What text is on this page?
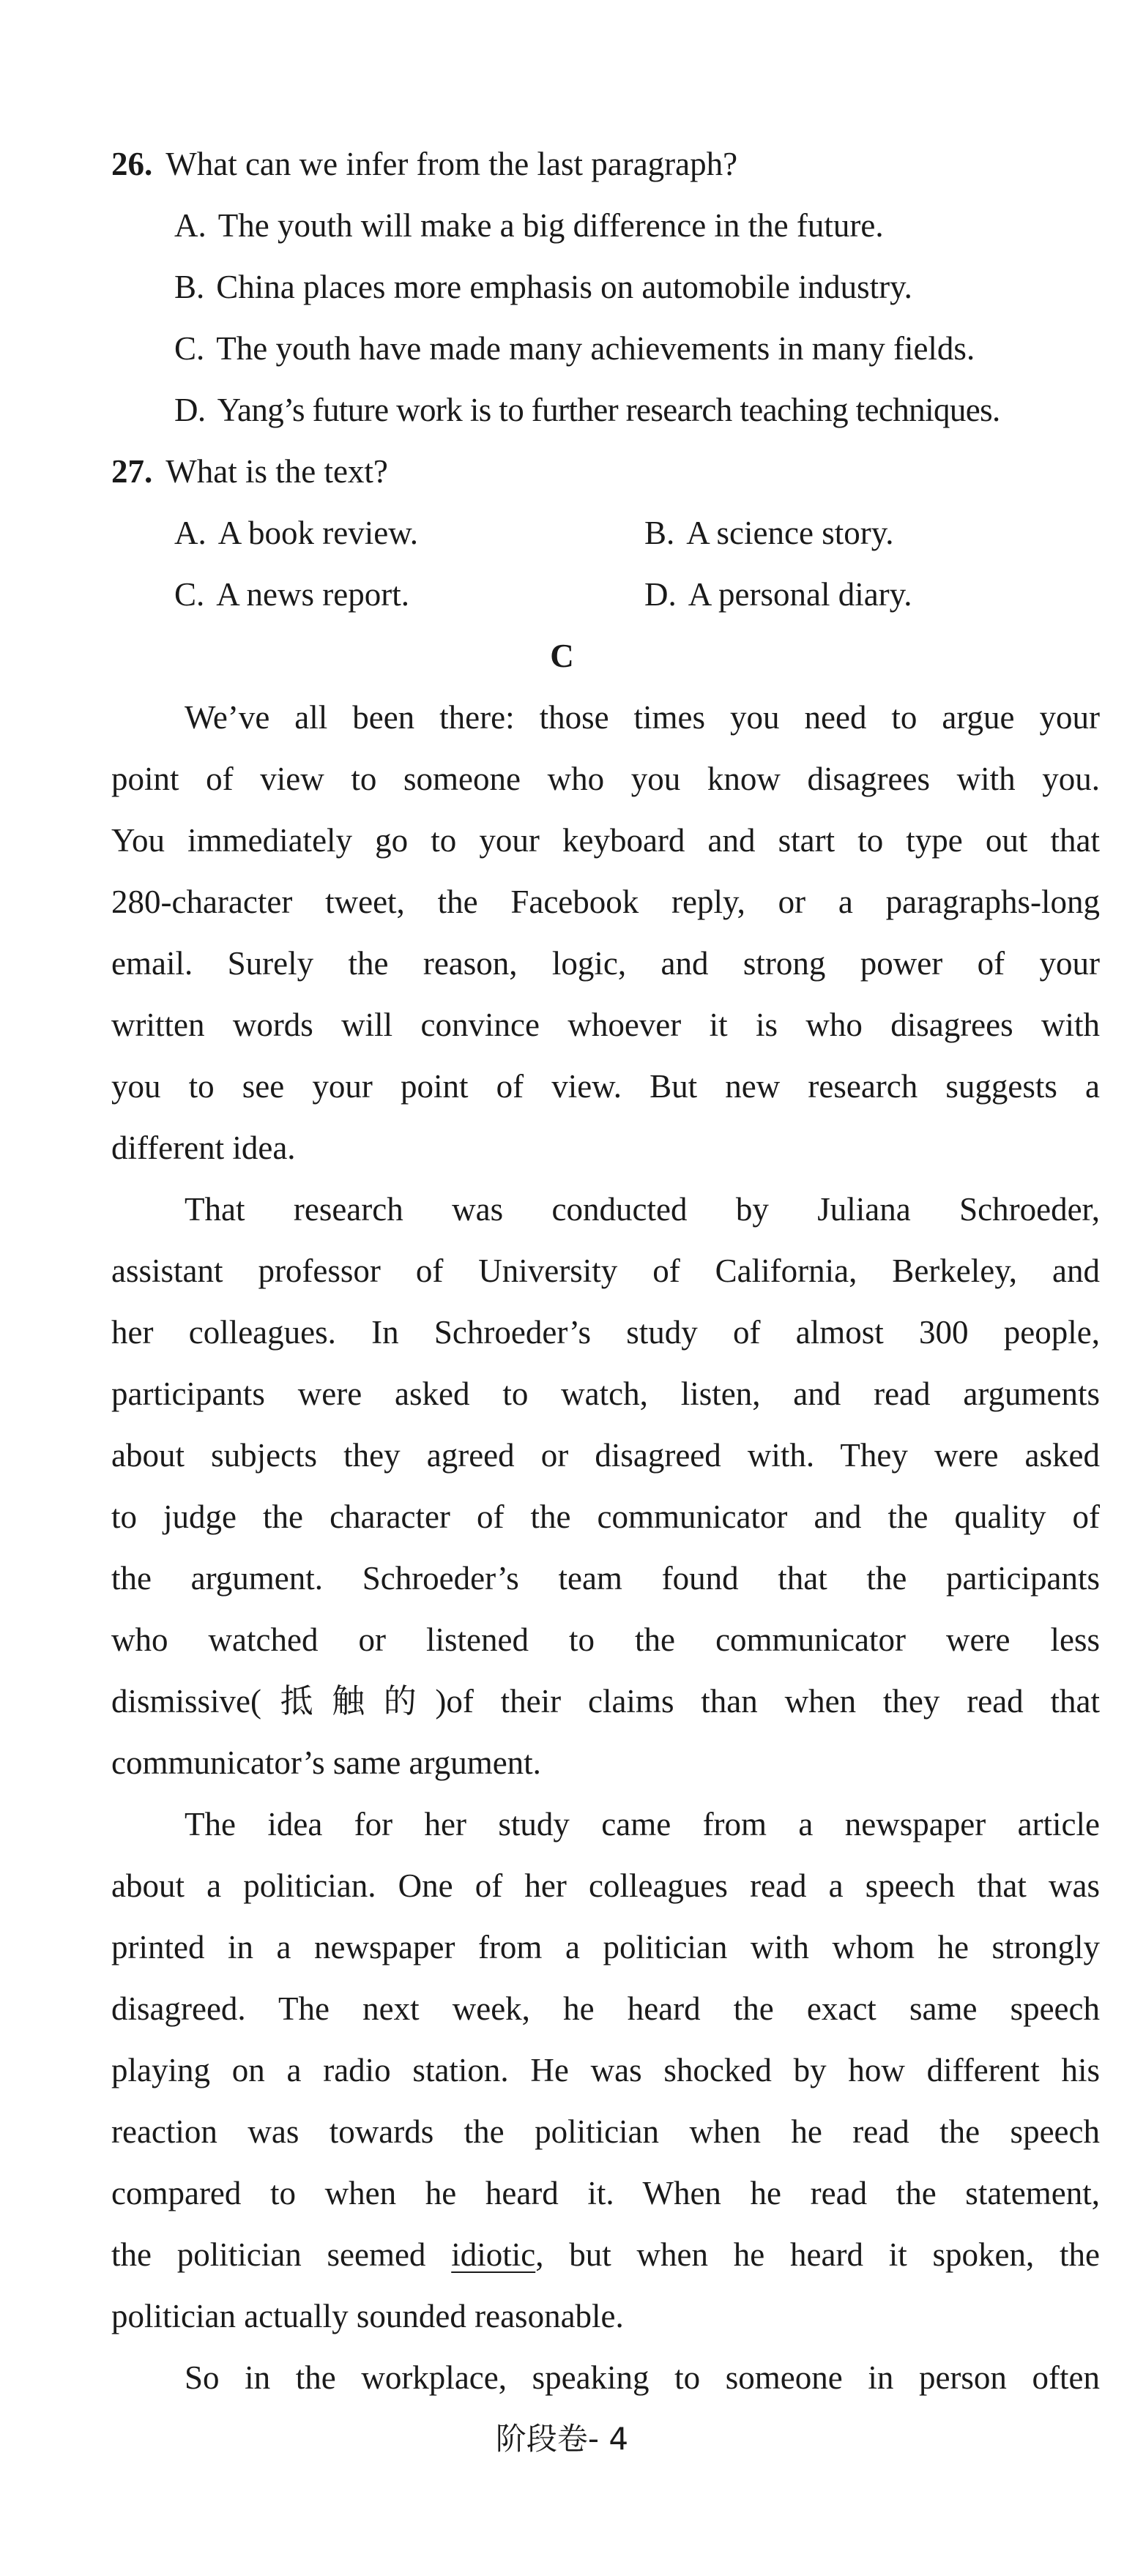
26. What can we infer from the last paragraph?
A. The youth will make a big difference in the future.
B. China places more emphasis on automobile industry.
C. The youth have made many achievements in many fields.
D. Yang’s future work is to further research teaching techniques.
27. What is the text?
A. A book review.	B. A science story.
C. A news report.	D. A personal diary.
C
We’ve all been there: those times you need to argue your
point of view to someone who you know disagrees with you.
You immediately go to your keyboard and start to type out that
280-character tweet, the Facebook reply, or a paragraphs-long
email. Surely the reason, logic, and strong power of your
written words will convince whoever it is who disagrees with
you to see your point of view. But new research suggests a
different idea.
That research was conducted by Juliana Schroeder,
assistant professor of University of California, Berkeley, and
her colleagues. In Schroeder’s study of almost 300 people,
participants were asked to watch, listen, and read arguments
about subjects they agreed or disagreed with. They were asked
to judge the character of the communicator and the quality of
the argument. Schroeder’s team found that the participants
who watched or listened to the communicator were less
dismissive(抵触的)of their claims than when they read that
communicator’s same argument.
The idea for her study came from a newspaper article
about a politician. One of her colleagues read a speech that was
printed in a newspaper from a politician with whom he strongly
disagreed. The next week, he heard the exact same speech
playing on a radio station. He was shocked by how different his
reaction was towards the politician when he read the speech
compared to when he heard it. When he read the statement,
the politician seemed idiotic, but when he heard it spoken, the
politician actually sounded reasonable.
So in the workplace, speaking to someone in person often
阶段卷- 4
